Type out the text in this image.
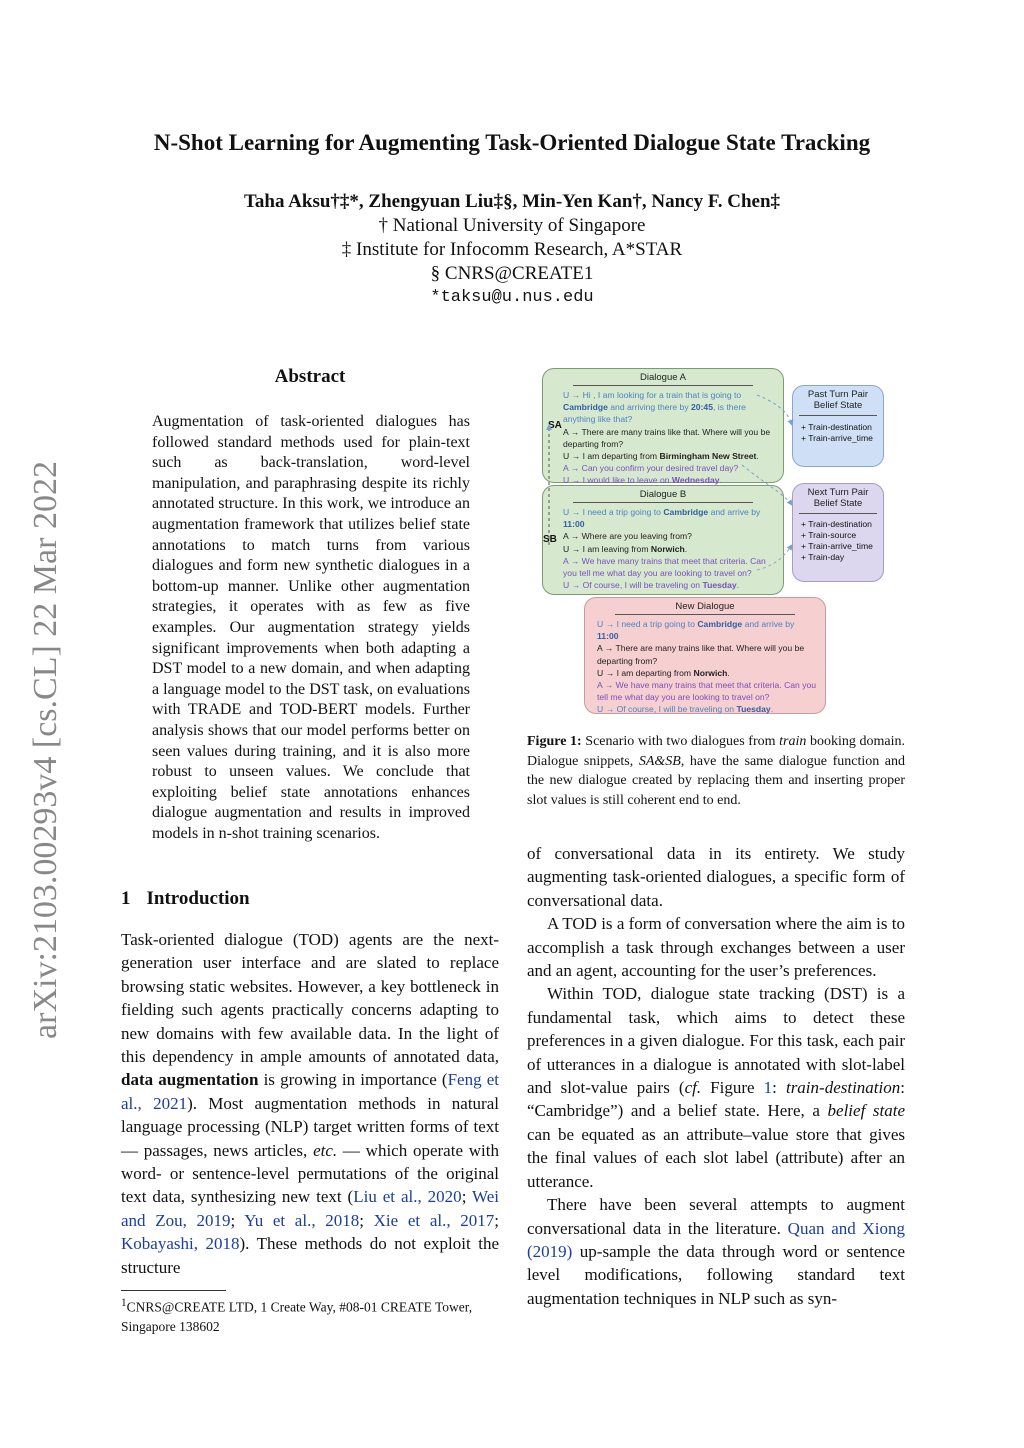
arXiv:2103.00293v4 [cs.CL] 22 Mar 2022
N-Shot Learning for Augmenting Task-Oriented Dialogue State Tracking
Taha Aksu†‡*, Zhengyuan Liu‡§, Min-Yen Kan†, Nancy F. Chen‡
† National University of Singapore
‡ Institute for Infocomm Research, A*STAR
§ CNRS@CREATE1
*taksu@u.nus.edu
Abstract
Augmentation of task-oriented dialogues has followed standard methods used for plain-text such as back-translation, word-level manipulation, and paraphrasing despite its richly annotated structure. In this work, we introduce an augmentation framework that utilizes belief state annotations to match turns from various dialogues and form new synthetic dialogues in a bottom-up manner. Unlike other augmentation strategies, it operates with as few as five examples. Our augmentation strategy yields significant improvements when both adapting a DST model to a new domain, and when adapting a language model to the DST task, on evaluations with TRADE and TOD-BERT models. Further analysis shows that our model performs better on seen values during training, and it is also more robust to unseen values. We conclude that exploiting belief state annotations enhances dialogue augmentation and results in improved models in n-shot training scenarios.
1 Introduction

Task-oriented dialogue (TOD) agents are the next-generation user interface and are slated to replace browsing static websites. However, a key bottleneck in fielding such agents practically concerns adapting to new domains with few available data. In the light of this dependency in ample amounts of annotated data, data augmentation is growing in importance (Feng et al., 2021). Most augmentation methods in natural language processing (NLP) target written forms of text — passages, news articles, etc. — which operate with word- or sentence-level permutations of the original text data, synthesizing new text (Liu et al., 2020; Wei and Zou, 2019; Yu et al., 2018; Xie et al., 2017; Kobayashi, 2018). These methods do not exploit the structure

$^1$CNRS@CREATE LTD, 1 Create Way, #08-01 CREATE Tower, Singapore 138602
Dialogue A
U → Hi , I am looking for a train that is going to Cambridge and arriving there by 20:45, is there anything like that?
A → There are many trains like that. Where will you be departing from?
U → I am departing from Birmingham New Street.
A → Can you confirm your desired travel day?
U → I would like to leave on Wednesday.
Dialogue B
U → I need a trip going to Cambridge and arrive by 11:00
A → Where are you leaving from?
U → I am leaving from Norwich.
A → We have many trains that meet that criteria. Can you tell me what day you are looking to travel on?
U → Of course, I will be traveling on Tuesday.
SA
SB
Past Turn Pair
Belief State
+ Train-destination
+ Train-arrive_time
Next Turn Pair
Belief State
+ Train-destination
+ Train-source
+ Train-arrive_time
+ Train-day
New Dialogue
U → I need a trip going to Cambridge and arrive by 11:00
A → There are many trains like that. Where will you be departing from?
U → I am departing from Norwich.
A → We have many trains that meet that criteria. Can you tell me what day you are looking to travel on?
U → Of course, I will be traveling on Tuesday.
Figure 1: Scenario with two dialogues from train booking domain. Dialogue snippets, SA&SB, have the same dialogue function and the new dialogue created by replacing them and inserting proper slot values is still coherent end to end.

of conversational data in its entirety. We study augmenting task-oriented dialogues, a specific form of conversational data.

A TOD is a form of conversation where the aim is to accomplish a task through exchanges between a user and an agent, accounting for the user’s preferences.

Within TOD, dialogue state tracking (DST) is a fundamental task, which aims to detect these preferences in a given dialogue. For this task, each pair of utterances in a dialogue is annotated with slot-label and slot-value pairs (cf. Figure 1: train-destination: “Cambridge”) and a belief state. Here, a belief state can be equated as an attribute–value store that gives the final values of each slot label (attribute) after an utterance.

There have been several attempts to augment conversational data in the literature. Quan and Xiong (2019) up-sample the data through word or sentence level modifications, following standard text augmentation techniques in NLP such as syn-
